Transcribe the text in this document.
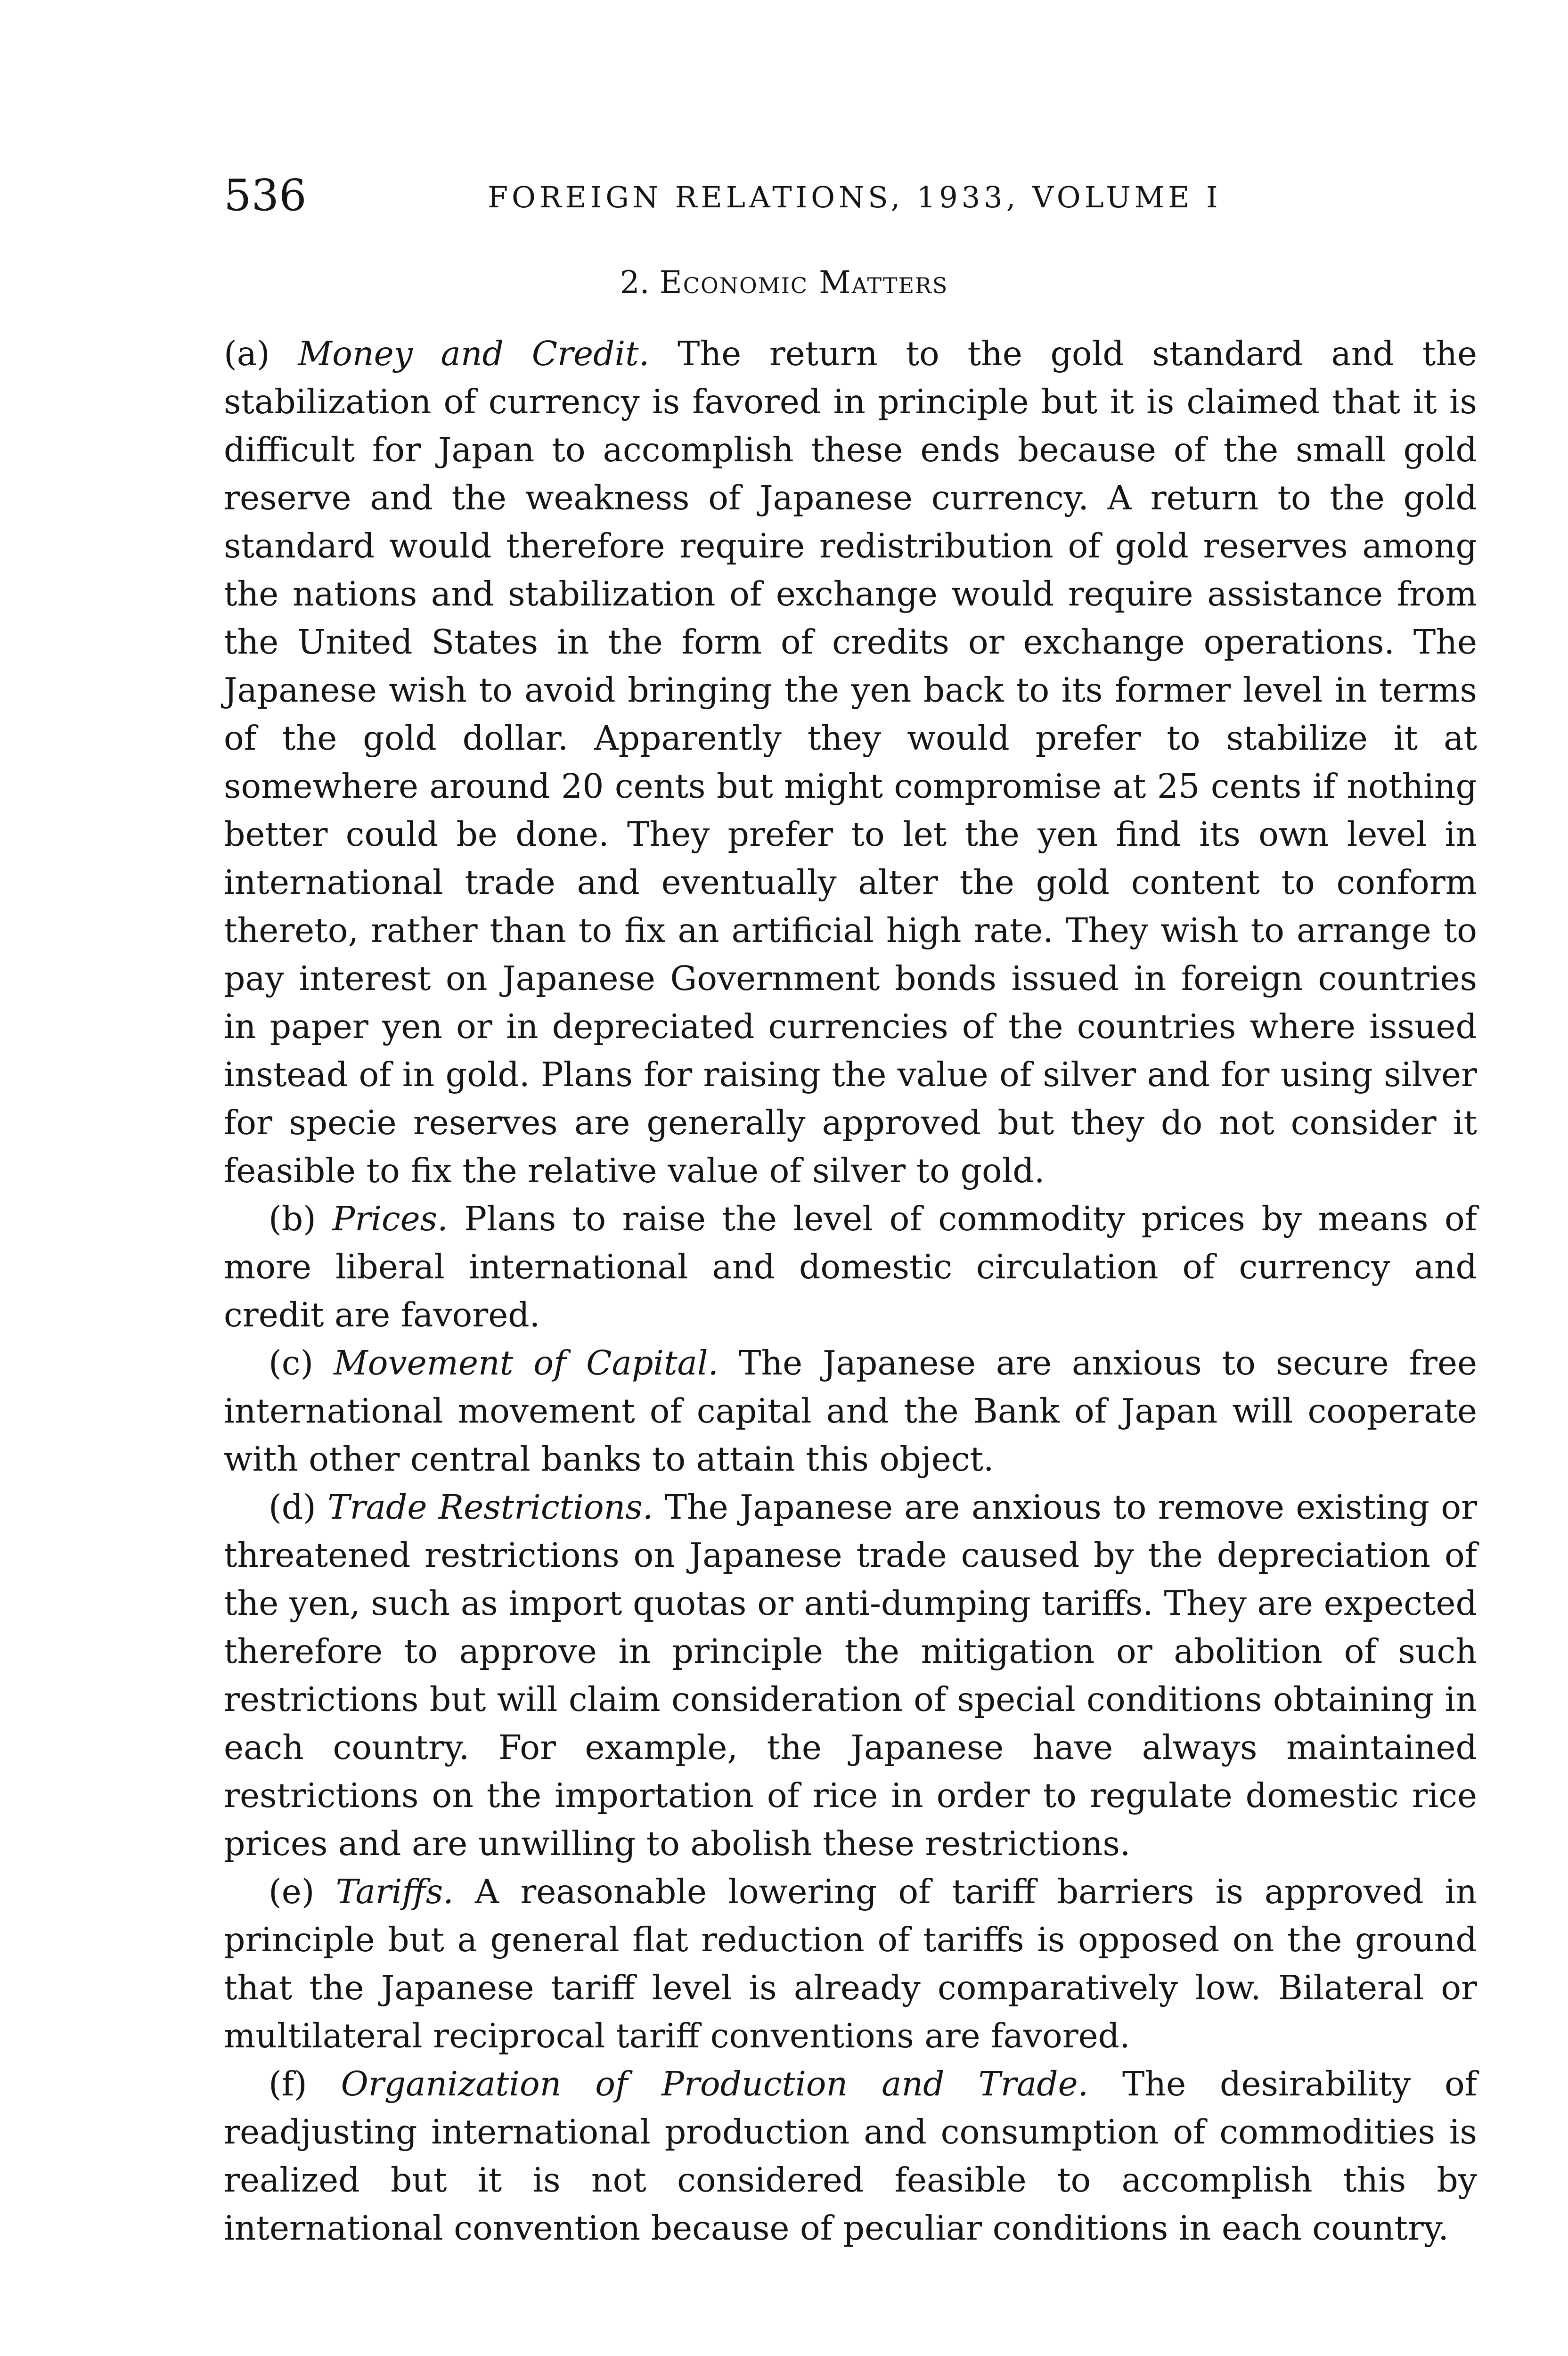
536	FOREIGN RELATIONS, 1933, VOLUME I
2. Economic Matters

(a) Money and Credit. The return to the gold standard and the stabilization of currency is favored in principle but it is claimed that it is difficult for Japan to accomplish these ends because of the small gold reserve and the weakness of Japanese currency. A return to the gold standard would therefore require redistribution of gold reserves among the nations and stabilization of exchange would require assistance from the United States in the form of credits or exchange operations. The Japanese wish to avoid bringing the yen back to its former level in terms of the gold dollar. Apparently they would prefer to stabilize it at somewhere around 20 cents but might compromise at 25 cents if nothing better could be done. They prefer to let the yen find its own level in international trade and eventually alter the gold content to conform thereto, rather than to fix an artificial high rate. They wish to arrange to pay interest on Japanese Government bonds issued in foreign countries in paper yen or in depreciated currencies of the countries where issued instead of in gold. Plans for raising the value of silver and for using silver for specie reserves are generally approved but they do not consider it feasible to fix the relative value of silver to gold.

(b) Prices. Plans to raise the level of commodity prices by means of more liberal international and domestic circulation of currency and credit are favored.

(c) Movement of Capital. The Japanese are anxious to secure free international movement of capital and the Bank of Japan will cooperate with other central banks to attain this object.

(d) Trade Restrictions. The Japanese are anxious to remove existing or threatened restrictions on Japanese trade caused by the depreciation of the yen, such as import quotas or anti-dumping tariffs. They are expected therefore to approve in principle the mitigation or abolition of such restrictions but will claim consideration of special conditions obtaining in each country. For example, the Japanese have always maintained restrictions on the importation of rice in order to regulate domestic rice prices and are unwilling to abolish these restrictions.

(e) Tariffs. A reasonable lowering of tariff barriers is approved in principle but a general flat reduction of tariffs is opposed on the ground that the Japanese tariff level is already comparatively low. Bilateral or multilateral reciprocal tariff conventions are favored.

(f) Organization of Production and Trade. The desirability of readjusting international production and consumption of commodities is realized but it is not considered feasible to accomplish this by international convention because of peculiar conditions in each country.
